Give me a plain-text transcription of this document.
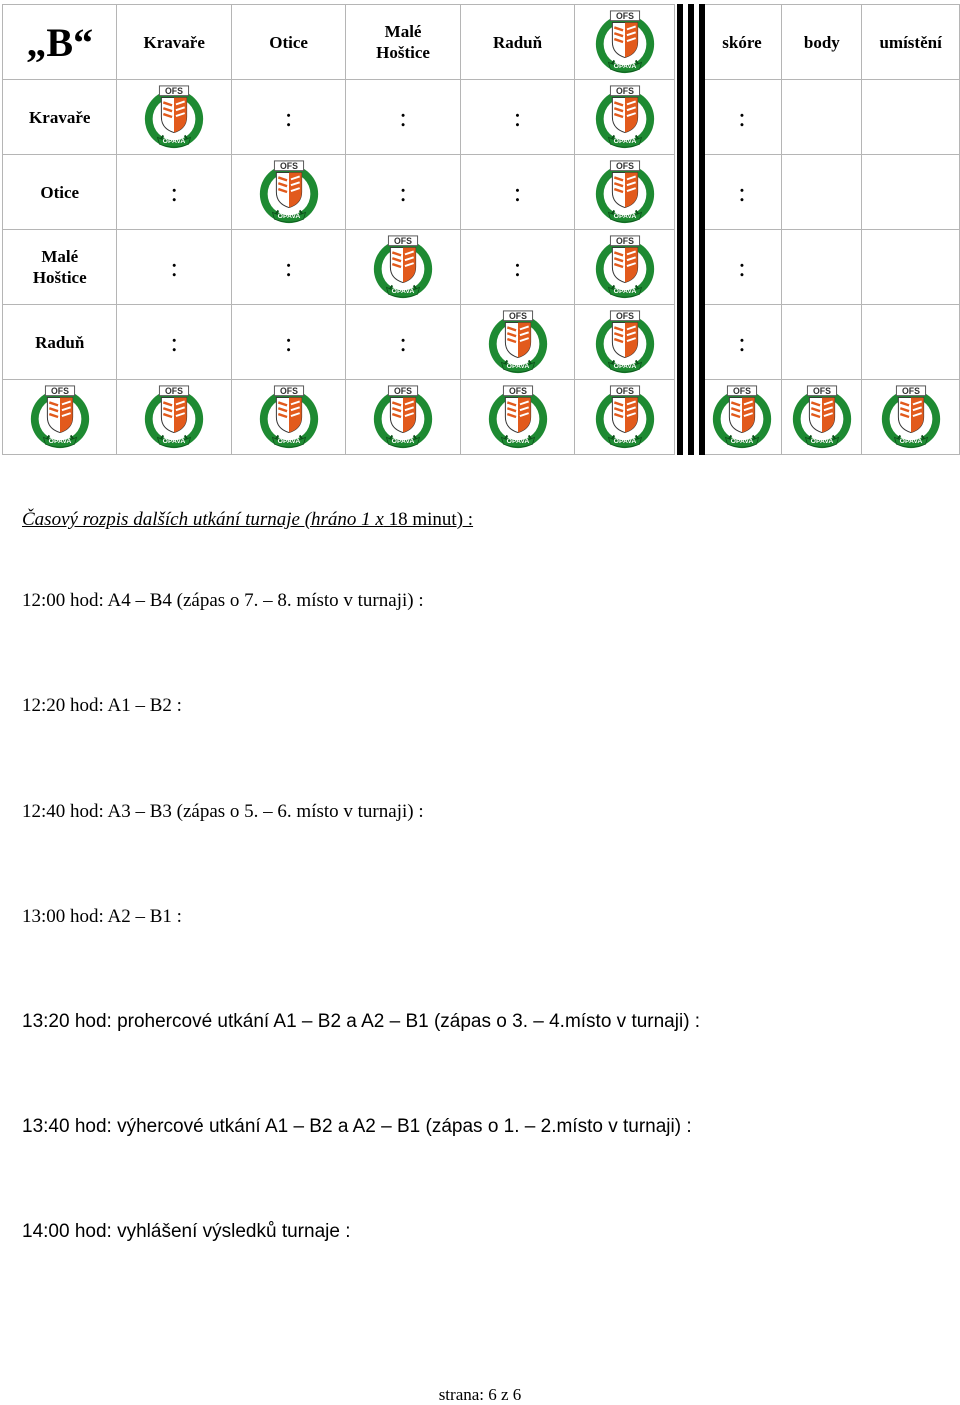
„B“	Kravaře	Otice	Malé Hoštice	Raduň			skóre	body	umístění
Kravaře		:	:	:			:		
Otice	:		:	:			:		
Malé Hoštice	:	:		:			:		
Raduň	:	:	:				:		

Časový rozpis dalších utkání turnaje (hráno 1 x 18 minut) :
12:00 hod: A4 – B4 (zápas o 7. – 8. místo v turnaji) :
12:20 hod: A1 – B2 :
12:40 hod: A3 – B3 (zápas o 5. – 6. místo v turnaji) :
13:00 hod: A2 – B1 :
13:20 hod: prohercové utkání A1 – B2 a A2 – B1 (zápas o 3. – 4.místo v turnaji) :
13:40 hod: výhercové utkání A1 – B2 a A2 – B1 (zápas o 1. – 2.místo v turnaji) :
14:00 hod: vyhlášení výsledků turnaje :
strana: 6 z 6
